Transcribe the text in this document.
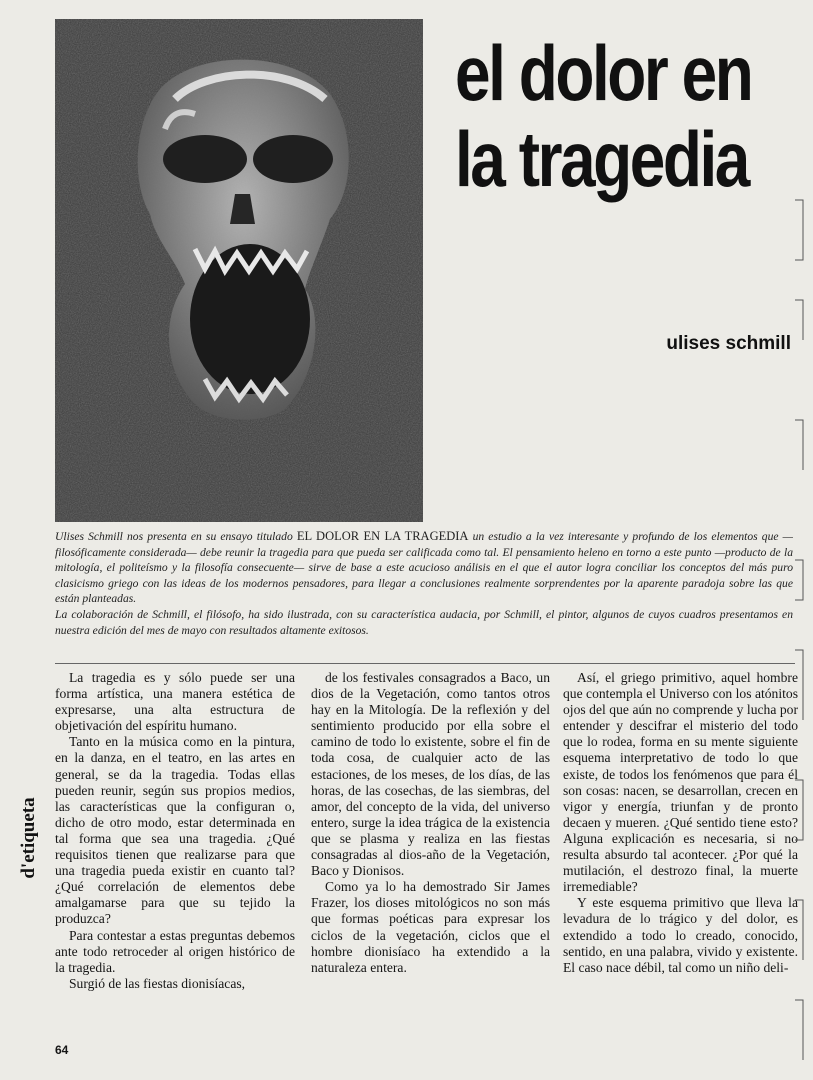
el dolor en
la tragedia
ulises schmill

Ulises Schmill nos presenta en su ensayo titulado EL DOLOR EN LA TRAGEDIA un estudio a la vez interesante y profundo de los elementos que —filosóficamente considerada— debe reunir la tragedia para que pueda ser calificada como tal. El pensamiento heleno en torno a este punto —producto de la mitología, el politeísmo y la filosofía consecuente— sirve de base a este acucioso análisis en el que el autor logra conciliar los conceptos del más puro clasicismo griego con las ideas de los modernos pensadores, para llegar a conclusiones realmente sorprendentes por la aparente paradoja sobre las que están planteadas.

La colaboración de Schmill, el filósofo, ha sido ilustrada, con su característica audacia, por Schmill, el pintor, algunos de cuyos cuadros presentamos en nuestra edición del mes de mayo con resultados altamente exitosos.

d'etiqueta

La tragedia es y sólo puede ser una forma artística, una manera estética de expresarse, una alta estructura de objetivación del espíritu humano.

Tanto en la música como en la pintura, en la danza, en el teatro, en las artes en general, se da la tragedia. Todas ellas pueden reunir, según sus propios medios, las características que la configuran o, dicho de otro modo, estar determinada en tal forma que sea una tragedia. ¿Qué requisitos tienen que realizarse para que una tragedia pueda existir en cuanto tal? ¿Qué correlación de elementos debe amalgamarse para que su tejido la produzca?

Para contestar a estas preguntas debemos ante todo retroceder al origen histórico de la tragedia.

Surgió de las fiestas dionisíacas,

de los festivales consagrados a Baco, un dios de la Vegetación, como tantos otros hay en la Mitología. De la reflexión y del sentimiento producido por ella sobre el camino de todo lo existente, sobre el fin de toda cosa, de cualquier acto de las estaciones, de los meses, de los días, de las horas, de las cosechas, de las siembras, del amor, del concepto de la vida, del universo entero, surge la idea trágica de la existencia que se plasma y realiza en las fiestas consagradas al dios-año de la Vegetación, Baco y Dionisos.

Como ya lo ha demostrado Sir James Frazer, los dioses mitológicos no son más que formas poéticas para expresar los ciclos de la vegetación, ciclos que el hombre dionisíaco ha extendido a la naturaleza entera.

Así, el griego primitivo, aquel hombre que contempla el Universo con los atónitos ojos del que aún no comprende y lucha por entender y descifrar el misterio del todo que lo rodea, forma en su mente siguiente esquema interpretativo de todo lo que existe, de todos los fenómenos que para él son cosas: nacen, se desarrollan, crecen en vigor y energía, triunfan y de pronto decaen y mueren. ¿Qué sentido tiene esto? Alguna explicación es necesaria, si no resulta absurdo tal acontecer. ¿Por qué la mutilación, el destrozo final, la muerte irremediable?

Y este esquema primitivo que lleva la levadura de lo trágico y del dolor, es extendido a todo lo creado, conocido, sentido, en una palabra, vivido y existente. El caso nace débil, tal como un niño deli-

64
